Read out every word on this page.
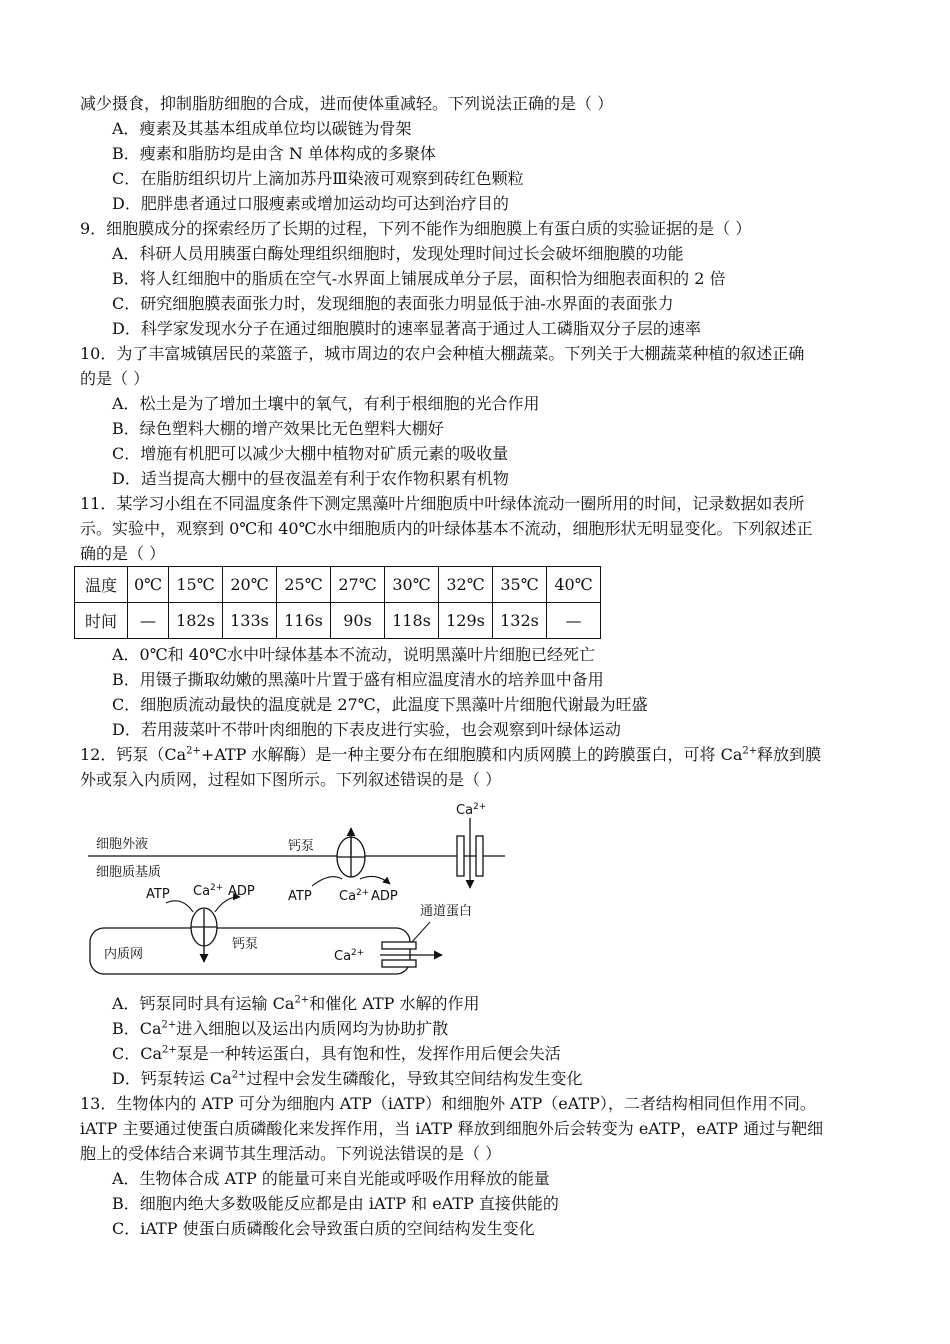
减少摄食，抑制脂肪细胞的合成，进而使体重减轻。下列说法正确的是（ ）
A．瘦素及其基本组成单位均以碳链为骨架
B．瘦素和脂肪均是由含 N 单体构成的多聚体
C．在脂肪组织切片上滴加苏丹Ⅲ染液可观察到砖红色颗粒
D．肥胖患者通过口服瘦素或增加运动均可达到治疗目的
9．细胞膜成分的探索经历了长期的过程，下列不能作为细胞膜上有蛋白质的实验证据的是（ ）
A．科研人员用胰蛋白酶处理组织细胞时，发现处理时间过长会破坏细胞膜的功能
B．将人红细胞中的脂质在空气-水界面上铺展成单分子层，面积恰为细胞表面积的 2 倍
C．研究细胞膜表面张力时，发现细胞的表面张力明显低于油-水界面的表面张力
D．科学家发现水分子在通过细胞膜时的速率显著高于通过人工磷脂双分子层的速率
10．为了丰富城镇居民的菜篮子，城市周边的农户会种植大棚蔬菜。下列关于大棚蔬菜种植的叙述正确
的是（ ）
A．松土是为了增加土壤中的氧气，有利于根细胞的光合作用
B．绿色塑料大棚的增产效果比无色塑料大棚好
C．增施有机肥可以减少大棚中植物对矿质元素的吸收量
D．适当提高大棚中的昼夜温差有利于农作物积累有机物
11．某学习小组在不同温度条件下测定黑藻叶片细胞质中叶绿体流动一圈所用的时间，记录数据如表所
示。实验中，观察到 0℃和 40℃水中细胞质内的叶绿体基本不流动，细胞形状无明显变化。下列叙述正
确的是（ ）
温度	0℃	15℃	20℃	25℃	27℃	30℃	32℃	35℃	40℃
时间	—	182s	133s	116s	90s	118s	129s	132s	—
A．0℃和 40℃水中叶绿体基本不流动，说明黑藻叶片细胞已经死亡
B．用镊子撕取幼嫩的黑藻叶片置于盛有相应温度清水的培养皿中备用
C．细胞质流动最快的温度就是 27℃，此温度下黑藻叶片细胞代谢最为旺盛
D．若用菠菜叶不带叶肉细胞的下表皮进行实验，也会观察到叶绿体运动
12．钙泵（$Ca^{2+}+ATP$ 水解酶）是一种主要分布在细胞膜和内质网膜上的跨膜蛋白，可将 $Ca^{2+}$释放到膜
外或泵入内质网，过程如下图所示。下列叙述错误的是（ ）
细胞外液
细胞质基质
钙泵
ATP $Ca^{2+}$ ADP
$Ca^{2+}$
内质网
ATP $Ca^{2+}$ ADP
钙泵
$Ca^{2+}$
通道蛋白
A．钙泵同时具有运输 $Ca^{2+}$和催化 ATP 水解的作用
B．$Ca^{2+}$进入细胞以及运出内质网均为协助扩散
C．$Ca^{2+}$泵是一种转运蛋白，具有饱和性，发挥作用后便会失活
D．钙泵转运 $Ca^{2+}$过程中会发生磷酸化，导致其空间结构发生变化
13．生物体内的 ATP 可分为细胞内 ATP（iATP）和细胞外 ATP（eATP），二者结构相同但作用不同。
iATP 主要通过使蛋白质磷酸化来发挥作用，当 iATP 释放到细胞外后会转变为 eATP，eATP 通过与靶细
胞上的受体结合来调节其生理活动。下列说法错误的是（ ）
A．生物体合成 ATP 的能量可来自光能或呼吸作用释放的能量
B．细胞内绝大多数吸能反应都是由 iATP 和 eATP 直接供能的
C．iATP 使蛋白质磷酸化会导致蛋白质的空间结构发生变化
